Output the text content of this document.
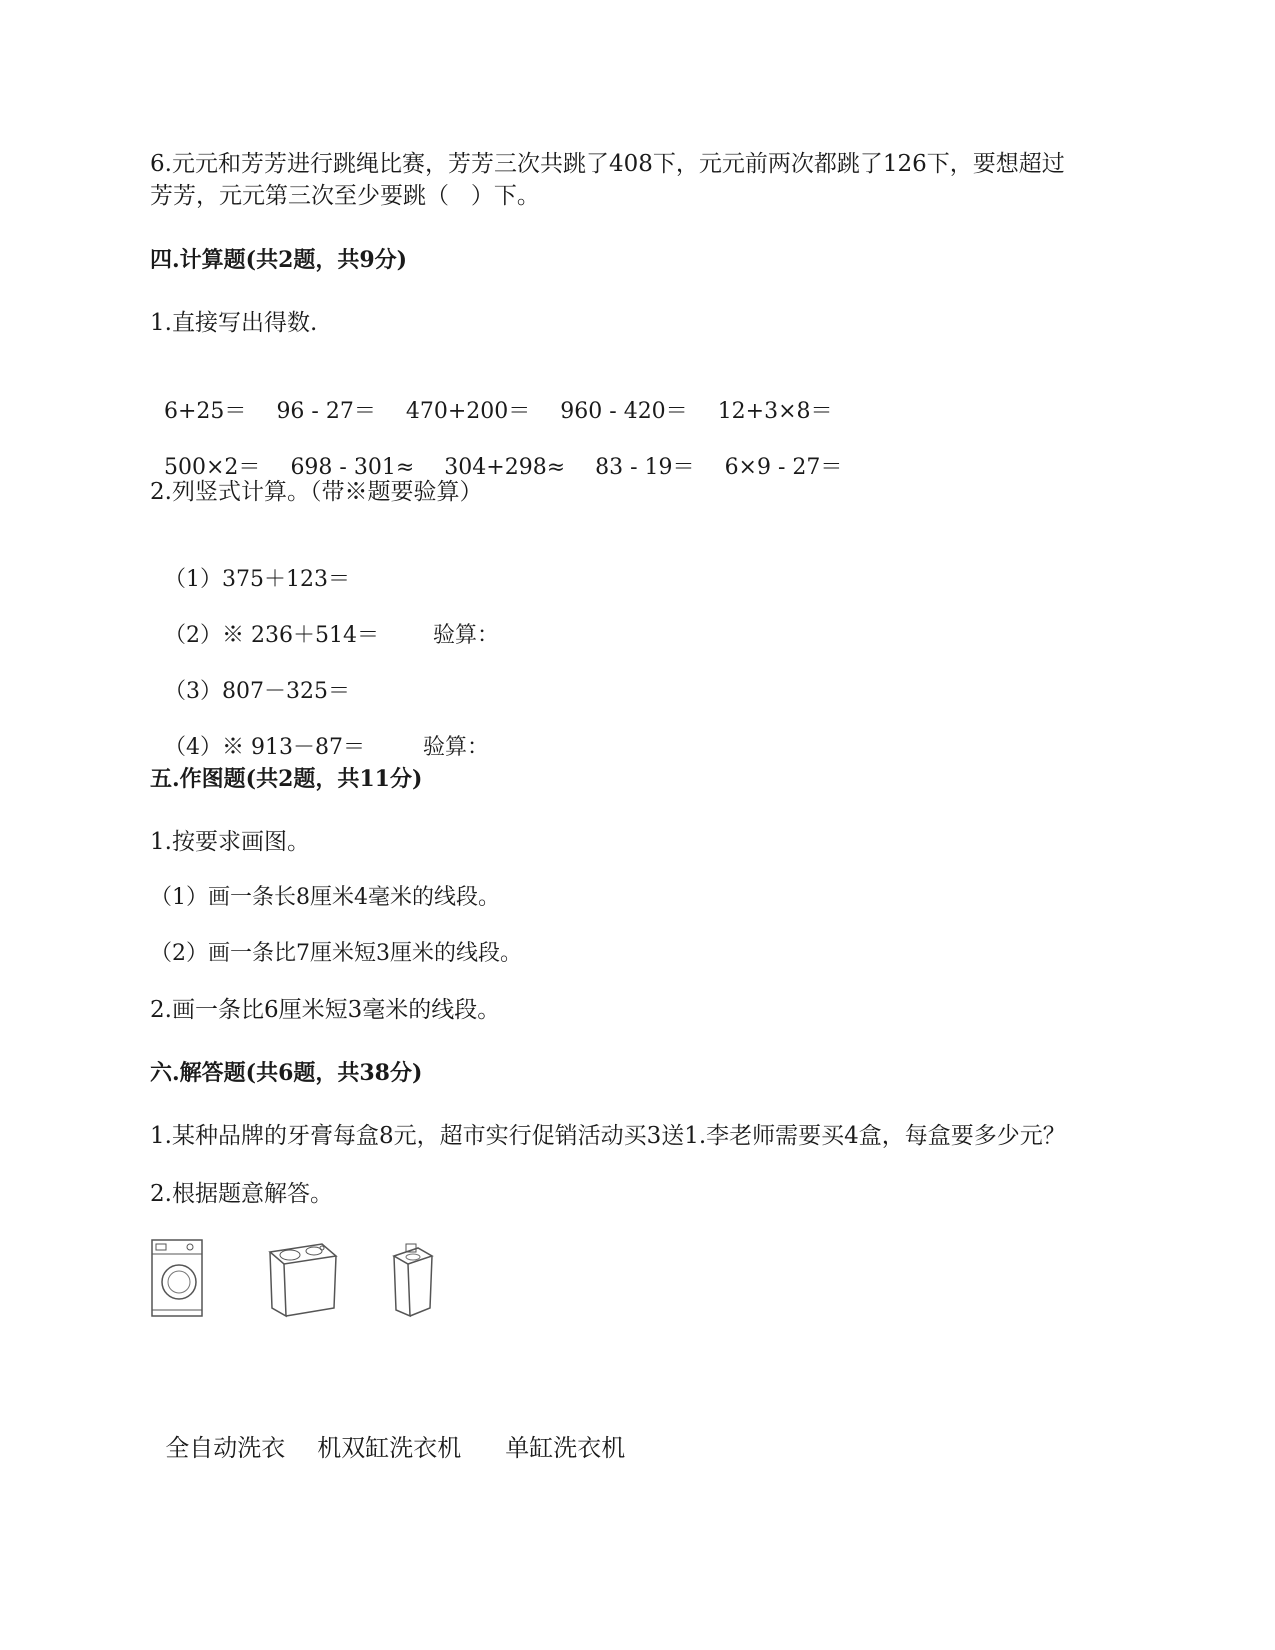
6.元元和芳芳进行跳绳比赛，芳芳三次共跳了408下，元元前两次都跳了126下，要想超过
芳芳，元元第三次至少要跳（   ）下。
四.计算题(共2题，共9分)
1.直接写出得数.

6+25＝ 96 - 27＝ 470+200＝ 960 - 420＝ 12+3×8＝

500×2＝ 698 - 301≈ 304+298≈ 83 - 19＝ 6×9 - 27＝

2.列竖式计算。（带※题要验算）

（1）375＋123＝

（2）※ 236＋514＝ 验算：

（3）807－325＝

（4）※ 913－87＝	验算：

五.作图题(共2题，共11分)
1.按要求画图。
（1）画一条长8厘米4毫米的线段。
（2）画一条比7厘米短3厘米的线段。
2.画一条比6厘米短3毫米的线段。
六.解答题(共6题，共38分)
1.某种品牌的牙膏每盒8元，超市实行促销活动买3送1.李老师需要买4盒，每盒要多少元？
2.根据题意解答。

全自动洗衣 机双缸洗衣机 单缸洗衣机
